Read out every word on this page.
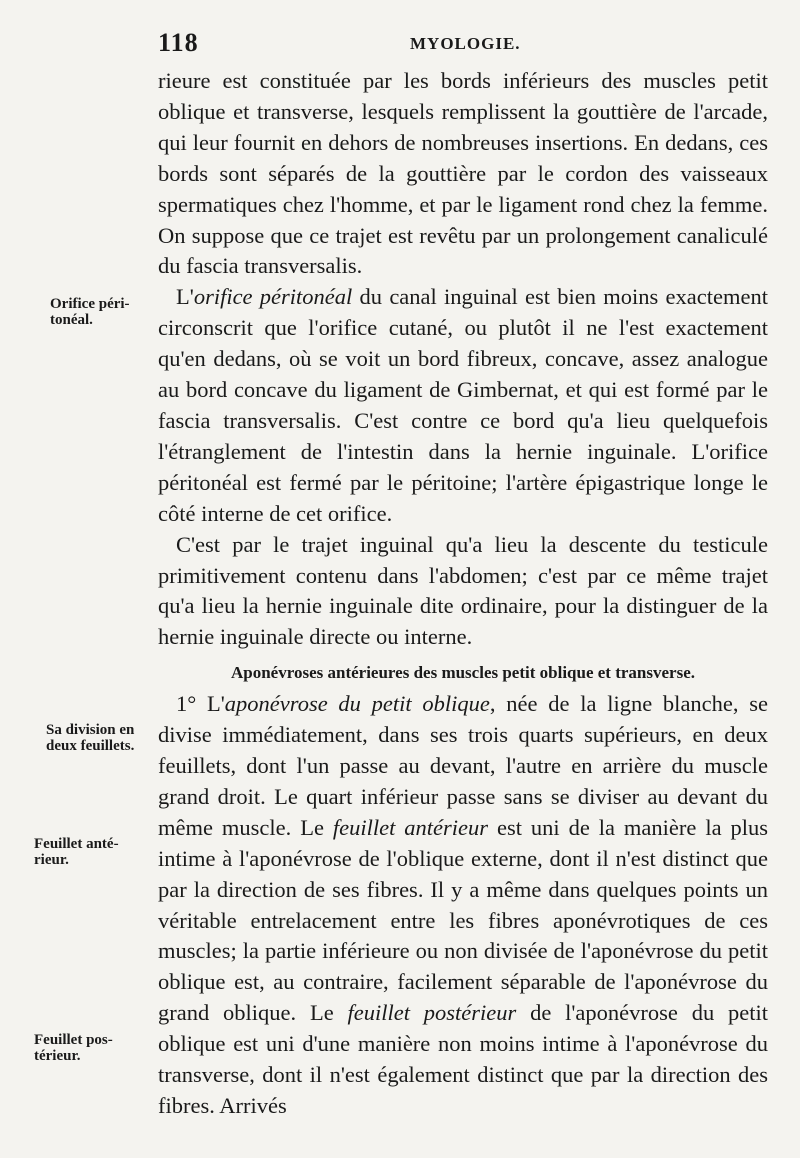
118	MYOLOGIE.
Orifice péri-
tonéal.
Sa division en
deux feuillets.
Feuillet anté-
rieur.
Feuillet pos-
térieur.

rieure est constituée par les bords inférieurs des muscles petit oblique et transverse, lesquels remplissent la gouttière de l'arcade, qui leur fournit en dehors de nombreuses insertions. En dedans, ces bords sont séparés de la gouttière par le cordon des vaisseaux spermatiques chez l'homme, et par le ligament rond chez la femme. On suppose que ce trajet est revêtu par un prolongement canaliculé du fascia transversalis.

L'orifice péritonéal du canal inguinal est bien moins exactement circonscrit que l'orifice cutané, ou plutôt il ne l'est exactement qu'en dedans, où se voit un bord fibreux, concave, assez analogue au bord concave du ligament de Gimbernat, et qui est formé par le fascia transversalis. C'est contre ce bord qu'a lieu quelquefois l'étranglement de l'intestin dans la hernie inguinale. L'orifice péritonéal est fermé par le péritoine; l'artère épigastrique longe le côté interne de cet orifice.

C'est par le trajet inguinal qu'a lieu la descente du testicule primitivement contenu dans l'abdomen; c'est par ce même trajet qu'a lieu la hernie inguinale dite ordinaire, pour la distinguer de la hernie inguinale directe ou interne.

Aponévroses antérieures des muscles petit oblique et transverse.

1° L'aponévrose du petit oblique, née de la ligne blanche, se divise immédiatement, dans ses trois quarts supérieurs, en deux feuillets, dont l'un passe au devant, l'autre en arrière du muscle grand droit. Le quart inférieur passe sans se diviser au devant du même muscle. Le feuillet antérieur est uni de la manière la plus intime à l'aponévrose de l'oblique externe, dont il n'est distinct que par la direction de ses fibres. Il y a même dans quelques points un véritable entrelacement entre les fibres aponévrotiques de ces muscles; la partie inférieure ou non divisée de l'aponévrose du petit oblique est, au contraire, facilement séparable de l'aponévrose du grand oblique. Le feuillet postérieur de l'aponévrose du petit oblique est uni d'une manière non moins intime à l'aponévrose du transverse, dont il n'est également distinct que par la direction des fibres. Arrivés
